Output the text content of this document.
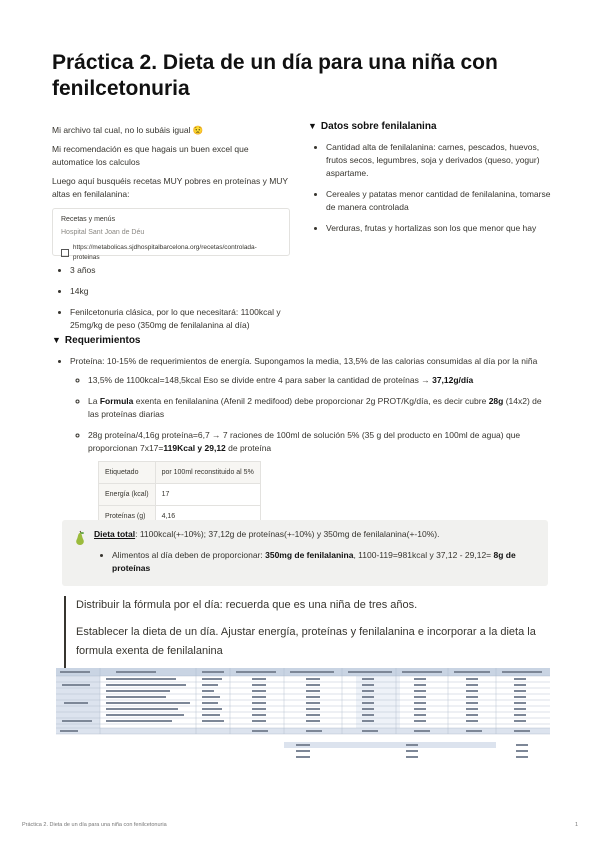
Práctica 2. Dieta de un día para una niña con fenilcetonuria

Mi archivo tal cual, no lo subáis igual 😟

Mi recomendación es que hagais un buen excel que automatice los calculos

Luego aquí busquéis recetas MUY pobres en proteínas y MUY altas en fenilalanina:

Recetas y menús
Hospital Sant Joan de Déu
https://metabolicas.sjdhospitalbarcelona.org/recetas/controlada-proteinas
• 3 años
• 14kg
• Fenilcetonuria clásica, por lo que necesitará: 1100kcal y 25mg/kg de peso (350mg de fenilalanina al día)
▼ Datos sobre fenilalanina
• Cantidad alta de fenilalanina: carnes, pescados, huevos, frutos secos, legumbres, soja y derivados (queso, yogur) aspartame.
• Cereales y patatas menor cantidad de fenilalanina, tomarse de manera controlada
• Verduras, frutas y hortalizas son los que menor que hay
▼ Requerimientos
• Proteína: 10-15% de requerimientos de energía. Supongamos la media, 13,5% de las calorias consumidas al día por la niña
◦ 13,5% de 1100kcal=148,5kcal Eso se divide entre 4 para saber la cantidad de proteínas → 37,12g/día
◦ La Formula exenta en fenilalanina (Afenil 2 medifood) debe proporcionar 2g PROT/Kg/día, es decir cubre 28g (14x2) de las proteínas diarias
◦ 28g proteína/4,16g proteína=6,7 → 7 raciones de 100ml de solución 5% (35 g del producto en 100ml de agua) que proporcionan 7x17=119Kcal y 29,12 de proteína
Etiquetado	por 100ml reconstituido al 5%
Energía (kcal)	17
Proteínas (g)	4,16
Dieta total: 1100kcal(+-10%); 37,12g de proteínas(+-10%) y 350mg de fenilalanina(+-10%).
• Alimentos al día deben de proporcionar: 350mg de fenilalanina, 1100-119=981kcal y 37,12 - 29,12= 8g de proteínas

Distribuir la fórmula por el día: recuerda que es una niña de tres años.

Establecer la dieta de un día. Ajustar energía, proteínas y fenilalanina e incorporar a la dieta la formula exenta de fenilalanina

Práctica 2. Dieta de un día para una niña con fenilcetonuria	1
